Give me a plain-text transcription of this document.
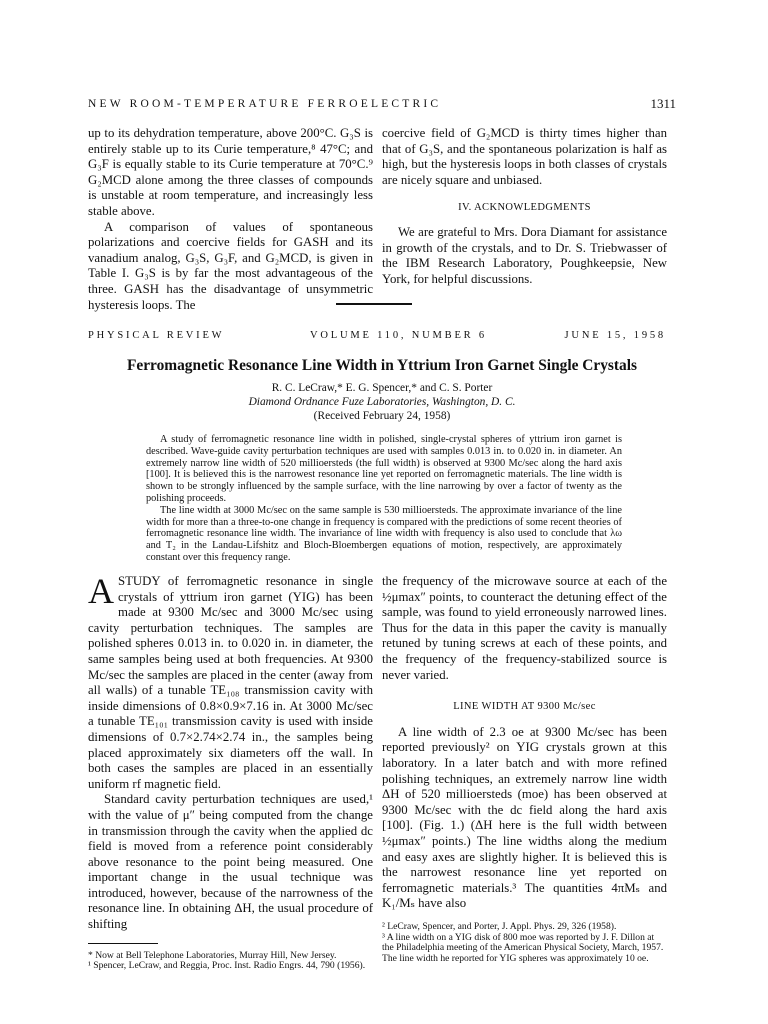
NEW ROOM-TEMPERATURE FERROELECTRIC	1311

up to its dehydration temperature, above 200°C. G₃S is entirely stable up to its Curie temperature,⁸ 47°C; and G₃F is equally stable to its Curie temperature at 70°C.⁹ G₂MCD alone among the three classes of compounds is unstable at room temperature, and increasingly less stable above.

A comparison of values of spontaneous polarizations and coercive fields for GASH and its vanadium analog, G₃S, G₃F, and G₂MCD, is given in Table I. G₃S is by far the most advantageous of the three. GASH has the disadvantage of unsymmetric hysteresis loops. The

coercive field of G₂MCD is thirty times higher than that of G₃S, and the spontaneous polarization is half as high, but the hysteresis loops in both classes of crystals are nicely square and unbiased.

IV. ACKNOWLEDGMENTS

We are grateful to Mrs. Dora Diamant for assistance in growth of the crystals, and to Dr. S. Triebwasser of the IBM Research Laboratory, Poughkeepsie, New York, for helpful discussions.

PHYSICAL REVIEW	VOLUME 110, NUMBER 6	JUNE 15, 1958
Ferromagnetic Resonance Line Width in Yttrium Iron Garnet Single Crystals
R. C. LeCraw,* E. G. Spencer,* and C. S. Porter
Diamond Ordnance Fuze Laboratories, Washington, D. C.
(Received February 24, 1958)

A study of ferromagnetic resonance line width in polished, single-crystal spheres of yttrium iron garnet is described. Wave-guide cavity perturbation techniques are used with samples 0.013 in. to 0.020 in. in diameter. An extremely narrow line width of 520 millioersteds (the full width) is observed at 9300 Mc/sec along the hard axis [100]. It is believed this is the narrowest resonance line yet reported on ferromagnetic materials. The line width is shown to be strongly influenced by the sample surface, with the line narrowing by over a factor of twenty as the polishing proceeds.

The line width at 3000 Mc/sec on the same sample is 530 millioersteds. The approximate invariance of the line width for more than a three-to-one change in frequency is compared with the predictions of some recent theories of ferromagnetic resonance line width. The invariance of line width with frequency is also used to conclude that λω and T₂ in the Landau-Lifshitz and Bloch-Bloembergen equations of motion, respectively, are approximately constant over this frequency range.

A STUDY of ferromagnetic resonance in single crystals of yttrium iron garnet (YIG) has been made at 9300 Mc/sec and 3000 Mc/sec using cavity perturbation techniques. The samples are polished spheres 0.013 in. to 0.020 in. in diameter, the same samples being used at both frequencies. At 9300 Mc/sec the samples are placed in the center (away from all walls) of a tunable TE₁₀₈ transmission cavity with inside dimensions of 0.8×0.9×7.16 in. At 3000 Mc/sec a tunable TE₁₀₁ transmission cavity is used with inside dimensions of 0.7×2.74×2.74 in., the samples being placed approximately six diameters off the wall. In both cases the samples are placed in an essentially uniform rf magnetic field.

Standard cavity perturbation techniques are used,¹ with the value of μ″ being computed from the change in transmission through the cavity when the applied dc field is moved from a reference point considerably above resonance to the point being measured. One important change in the usual technique was introduced, however, because of the narrowness of the resonance line. In obtaining ΔH, the usual procedure of shifting

* Now at Bell Telephone Laboratories, Murray Hill, New Jersey.
¹ Spencer, LeCraw, and Reggia, Proc. Inst. Radio Engrs. 44, 790 (1956).

the frequency of the microwave source at each of the ½μmax″ points, to counteract the detuning effect of the sample, was found to yield erroneously narrowed lines. Thus for the data in this paper the cavity is manually retuned by tuning screws at each of these points, and the frequency of the frequency-stabilized source is never varied.

LINE WIDTH AT 9300 Mc/sec

A line width of 2.3 oe at 9300 Mc/sec has been reported previously² on YIG crystals grown at this laboratory. In a later batch and with more refined polishing techniques, an extremely narrow line width ΔH of 520 millioersteds (moe) has been observed at 9300 Mc/sec with the dc field along the hard axis [100]. (Fig. 1.) (ΔH here is the full width between ½μmax″ points.) The line widths along the medium and easy axes are slightly higher. It is believed this is the narrowest resonance line yet reported on ferromagnetic materials.³ The quantities 4πMₛ and K₁/Mₛ have also

² LeCraw, Spencer, and Porter, J. Appl. Phys. 29, 326 (1958).
³ A line width on a YIG disk of 800 moe was reported by J. F. Dillon at the Philadelphia meeting of the American Physical Society, March, 1957. The line width he reported for YIG spheres was approximately 10 oe.
